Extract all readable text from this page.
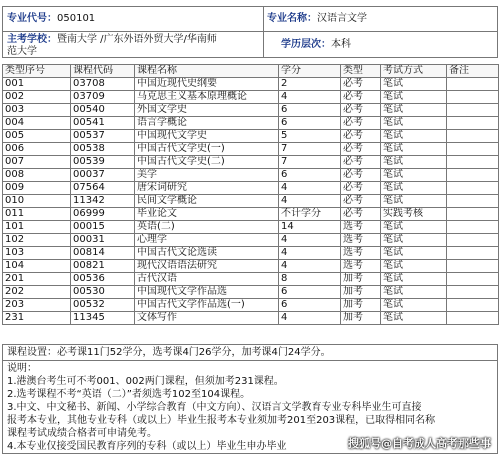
专业代号：050101	专业名称：汉语言文学
主考学校：暨南大学 /广东外语外贸大学/华南师
范大学
学历层次：本科
类型序号	课程代码	课程名称	学分	类型	考试方式	备注
001	03708	中国近现代史纲要	2	必考	笔试	
002	03709	马克思主义基本原理概论	4	必考	笔试	
003	00540	外国文学史	6	必考	笔试	
004	00541	语言学概论	6	必考	笔试	
005	00537	中国现代文学史	5	必考	笔试	
006	00538	中国古代文学史(一)	7	必考	笔试	
007	00539	中国古代文学史(二)	7	必考	笔试	
008	00037	美学	6	必考	笔试	
009	07564	唐宋词研究	4	必考	笔试	
010	11342	民间文学概论	4	必考	笔试	
011	06999	毕业论文	不计学分	必考	实践考核	
101	00015	英语(二)	14	选考	笔试	
102	00031	心理学	4	选考	笔试	
103	00814	中国古代文论选读	4	选考	笔试	
104	00821	现代汉语语法研究	4	选考	笔试	
201	00536	古代汉语	8	加考	笔试	
202	00530	中国现代文学作品选	6	加考	笔试	
203	00532	中国古代文学作品选(一)	6	加考	笔试	
231	11345	文体写作	4	加考	笔试	
课程设置：必考课11门52学分，选考课4门26学分，加考课4门24学分。
说明：
1.港澳台考生可不考001、002两门课程，但须加考231课程。
2.选考课程不考“英语（二）”者须选考102至104课程。
3.中文、中文秘书、新闻、小学综合教育（中文方向）、汉语言文学教育专业专科毕业生可直接
报考本专业，其他专业专科（或以上）毕业生报考本专业须加考201至203课程，已取得相同名称
课程考试成绩合格者可申请免考。
4.本专业仅接受国民教育序列的专科（或以上）毕业生申办毕业	搜狐号@自考成人高考那些事
